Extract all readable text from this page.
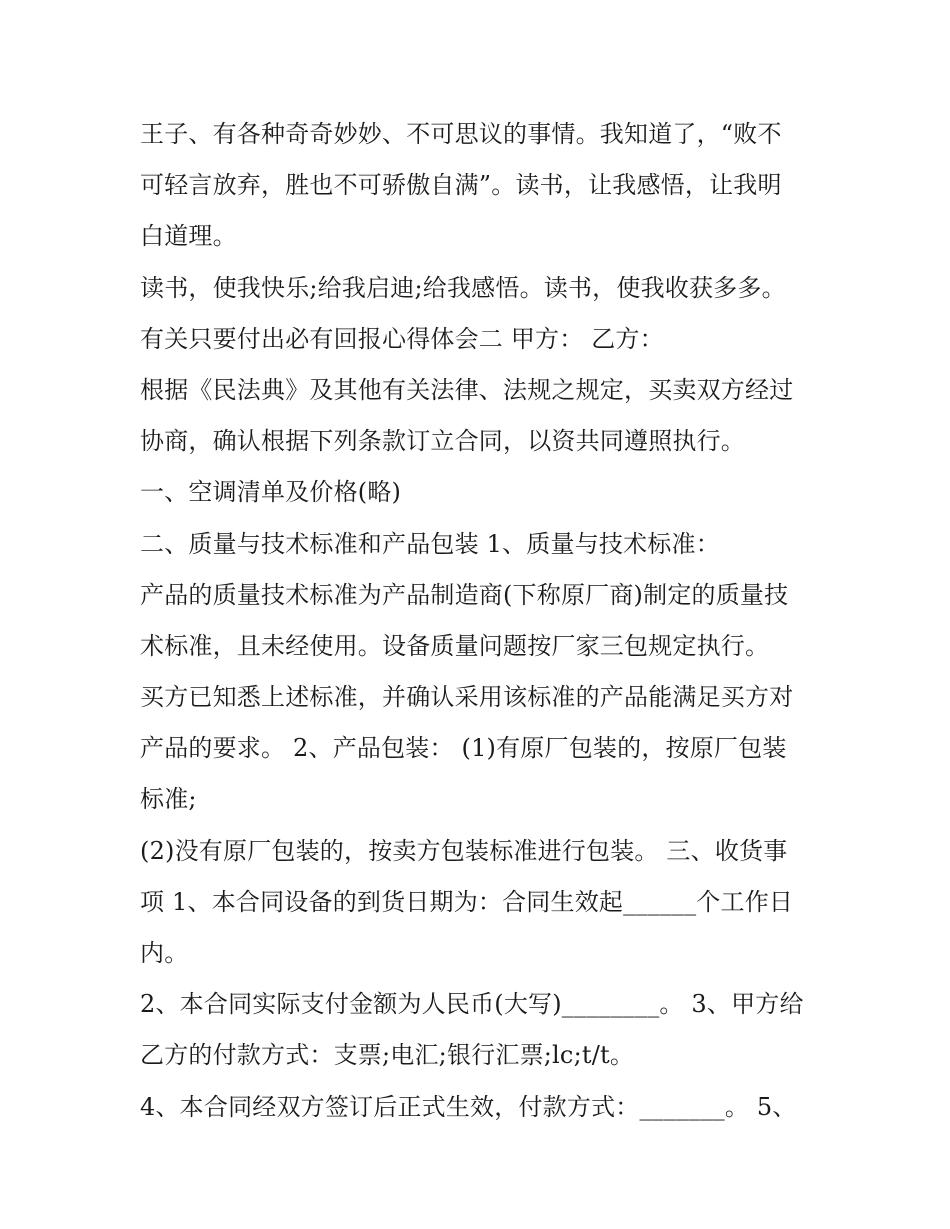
王子、有各种奇奇妙妙、不可思议的事情。我知道了，“败不
可轻言放弃，胜也不可骄傲自满”。读书，让我感悟，让我明
白道理。
读书，使我快乐;给我启迪;给我感悟。读书，使我收获多多。
有关只要付出必有回报心得体会二 甲方： 乙方：
根据《民法典》及其他有关法律、法规之规定，买卖双方经过
协商，确认根据下列条款订立合同，以资共同遵照执行。
一、空调清单及价格(略)
二、质量与技术标准和产品包装 1、质量与技术标准：
产品的质量技术标准为产品制造商(下称原厂商)制定的质量技
术标准，且未经使用。设备质量问题按厂家三包规定执行。
买方已知悉上述标准，并确认采用该标准的产品能满足买方对
产品的要求。 2、产品包装： (1)有原厂包装的，按原厂包装
标准;
(2)没有原厂包装的，按卖方包装标准进行包装。 三、收货事
项 1、本合同设备的到货日期为：合同生效起______个工作日
内。
2、本合同实际支付金额为人民币(大写)________。 3、甲方给
乙方的付款方式：支票;电汇;银行汇票;lc;t/t。
4、本合同经双方签订后正式生效，付款方式：_______。 5、
